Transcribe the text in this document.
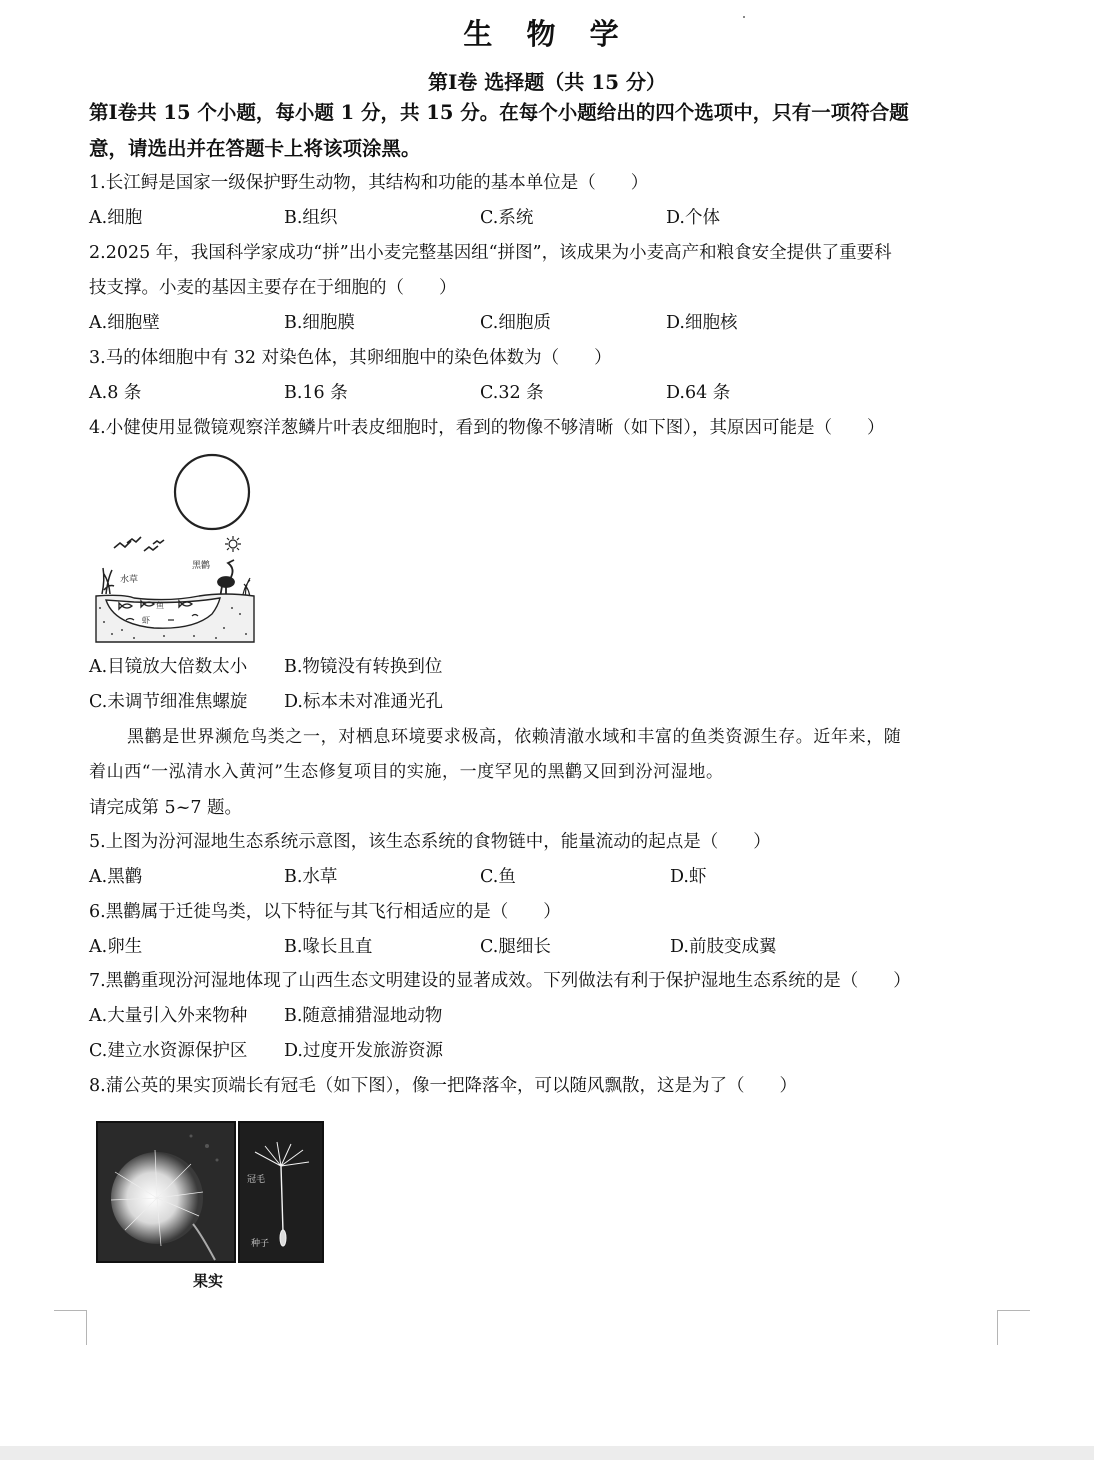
生 物 学
第Ⅰ卷 选择题（共 15 分）
第Ⅰ卷共 15 个小题，每小题 1 分，共 15 分。在每个小题给出的四个选项中，只有一项符合题
意，请选出并在答题卡上将该项涂黑。
1.长江鲟是国家一级保护野生动物，其结构和功能的基本单位是（　　）
A.细胞	B.组织	C.系统	D.个体
2.2025 年，我国科学家成功“拼”出小麦完整基因组“拼图”，该成果为小麦高产和粮食安全提供了重要科
技支撑。小麦的基因主要存在于细胞的（　　）
A.细胞壁	B.细胞膜	C.细胞质	D.细胞核
3.马的体细胞中有 32 对染色体，其卵细胞中的染色体数为（　　）
A.8 条	B.16 条	C.32 条	D.64 条
4.小健使用显微镜观察洋葱鳞片叶表皮细胞时，看到的物像不够清晰（如下图），其原因可能是（　　）
黑鹳
水草
鱼
虾
A.目镜放大倍数太小 B.物镜没有转换到位
C.未调节细准焦螺旋 D.标本未对准通光孔
黑鹳是世界濒危鸟类之一，对栖息环境要求极高，依赖清澈水域和丰富的鱼类资源生存。近年来，随
着山西“一泓清水入黄河”生态修复项目的实施，一度罕见的黑鹳又回到汾河湿地。
请完成第 5~7 题。
5.上图为汾河湿地生态系统示意图，该生态系统的食物链中，能量流动的起点是（　　）
A.黑鹳	B.水草	C.鱼	D.虾
6.黑鹳属于迁徙鸟类，以下特征与其飞行相适应的是（　　）
A.卵生	B.喙长且直	C.腿细长	D.前肢变成翼
7.黑鹳重现汾河湿地体现了山西生态文明建设的显著成效。下列做法有利于保护湿地生态系统的是（　　）
A.大量引入外来物种 B.随意捕猎湿地动物
C.建立水资源保护区 D.过度开发旅游资源
8.蒲公英的果实顶端长有冠毛（如下图），像一把降落伞，可以随风飘散，这是为了（　　）
冠毛
种子
果实
